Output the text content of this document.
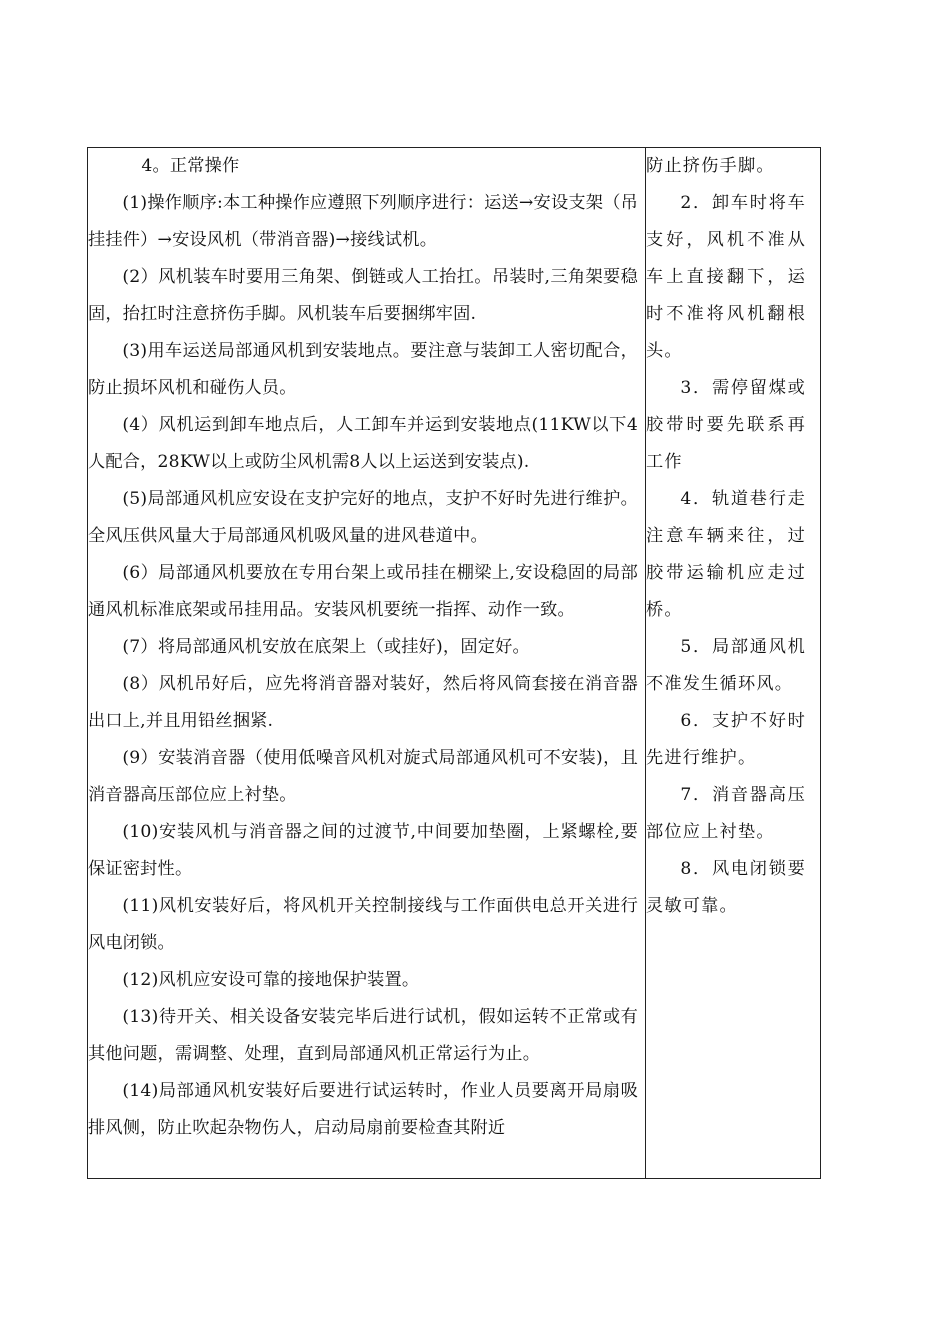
4。正常操作

(1)操作顺序:本工种操作应遵照下列顺序进行：运送→安设支架（吊挂挂件）→安设风机（带消音器)→接线试机。

(2）风机装车时要用三角架、倒链或人工抬扛。吊装时,三角架要稳固，抬扛时注意挤伤手脚。风机装车后要捆绑牢固.

(3)用车运送局部通风机到安装地点。要注意与装卸工人密切配合，防止损坏风机和碰伤人员。

(4）风机运到卸车地点后，人工卸车并运到安装地点(11KW以下4人配合，28KW以上或防尘风机需8人以上运送到安装点).

(5)局部通风机应安设在支护完好的地点，支护不好时先进行维护。全风压供风量大于局部通风机吸风量的进风巷道中。

(6）局部通风机要放在专用台架上或吊挂在棚梁上,安设稳固的局部通风机标准底架或吊挂用品。安装风机要统一指挥、动作一致。

(7）将局部通风机安放在底架上（或挂好)，固定好。

(8）风机吊好后，应先将消音器对装好，然后将风筒套接在消音器出口上,并且用铅丝捆紧.

(9）安装消音器（使用低噪音风机对旋式局部通风机可不安装)，且消音器高压部位应上衬垫。

(10)安装风机与消音器之间的过渡节,中间要加垫圈，上紧螺栓,要保证密封性。

(11)风机安装好后，将风机开关控制接线与工作面供电总开关进行风电闭锁。

(12)风机应安设可靠的接地保护装置。

(13)待开关、相关设备安装完毕后进行试机，假如运转不正常或有其他问题，需调整、处理，直到局部通风机正常运行为止。

(14)局部通风机安装好后要进行试运转时，作业人员要离开局扇吸排风侧，防止吹起杂物伤人，启动局扇前要检查其附近

防止挤伤手脚。

2．卸车时将车支好，风机不准从车上直接翻下，运时不准将风机翻根头。

3．需停留煤或胶带时要先联系再工作

4．轨道巷行走注意车辆来往，过胶带运输机应走过桥。

5．局部通风机不准发生循环风。

6．支护不好时先进行维护。

7．消音器高压部位应上衬垫。

8．风电闭锁要灵敏可靠。
